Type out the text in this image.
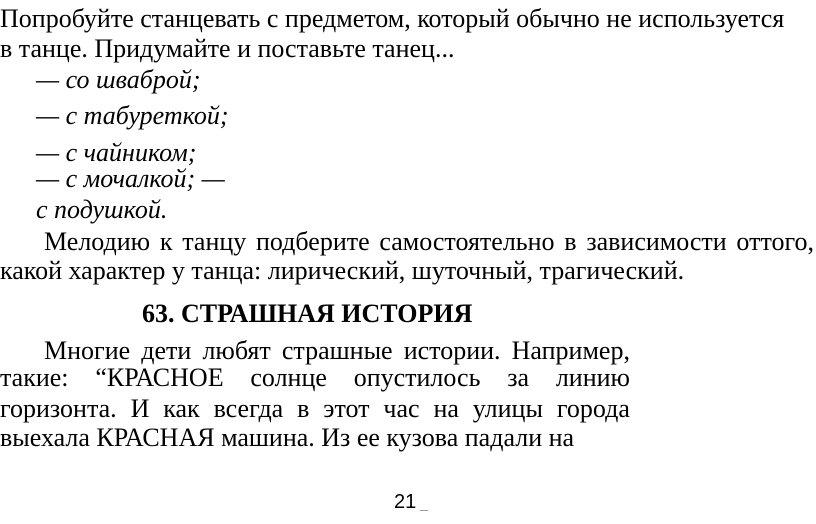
Попробуйте станцевать с предметом, который обычно не используется
в танце. Придумайте и поставьте танец...
— со шваброй;
— с табуреткой;
— с чайником;
— с мочалкой; —
с подушкой.
Мелодию к танцу подберите самостоятельно в зависимости оттого,
какой характер у танца: лирический, шуточный, трагический.
63. СТРАШНАЯ ИСТОРИЯ
Многие дети любят страшные истории. Например,
такие: “КРАСНОЕ солнце опустилось за линию
горизонта. И как всегда в этот час на улицы города
выехала КРАСНАЯ машина. Из ее кузова падали на
21
